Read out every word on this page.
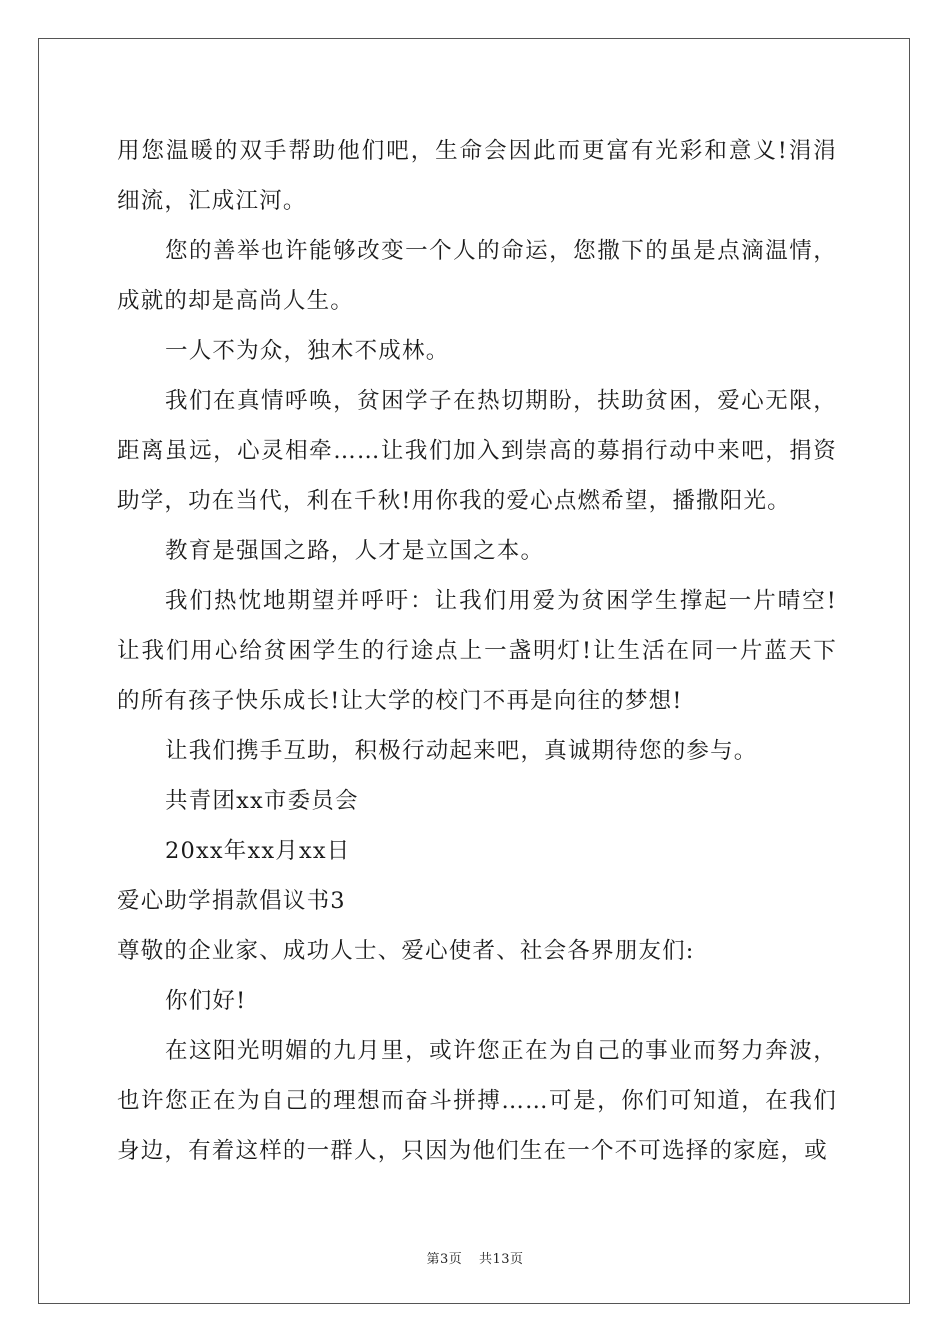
用您温暖的双手帮助他们吧，生命会因此而更富有光彩和意义!涓涓细流，汇成江河。

您的善举也许能够改变一个人的命运，您撒下的虽是点滴温情，成就的却是高尚人生。

一人不为众，独木不成林。

我们在真情呼唤，贫困学子在热切期盼，扶助贫困，爱心无限，距离虽远，心灵相牵……让我们加入到崇高的募捐行动中来吧，捐资助学，功在当代，利在千秋!用你我的爱心点燃希望，播撒阳光。

教育是强国之路，人才是立国之本。

我们热忱地期望并呼吁：让我们用爱为贫困学生撑起一片晴空!让我们用心给贫困学生的行途点上一盏明灯!让生活在同一片蓝天下的所有孩子快乐成长!让大学的校门不再是向往的梦想!

让我们携手互助，积极行动起来吧，真诚期待您的参与。

共青团xx市委员会

20xx年xx月xx日

爱心助学捐款倡议书3

尊敬的企业家、成功人士、爱心使者、社会各界朋友们:

你们好!

在这阳光明媚的九月里，或许您正在为自己的事业而努力奔波，也许您正在为自己的理想而奋斗拼搏……可是，你们可知道，在我们身边，有着这样的一群人，只因为他们生在一个不可选择的家庭，或

第3页 共13页
